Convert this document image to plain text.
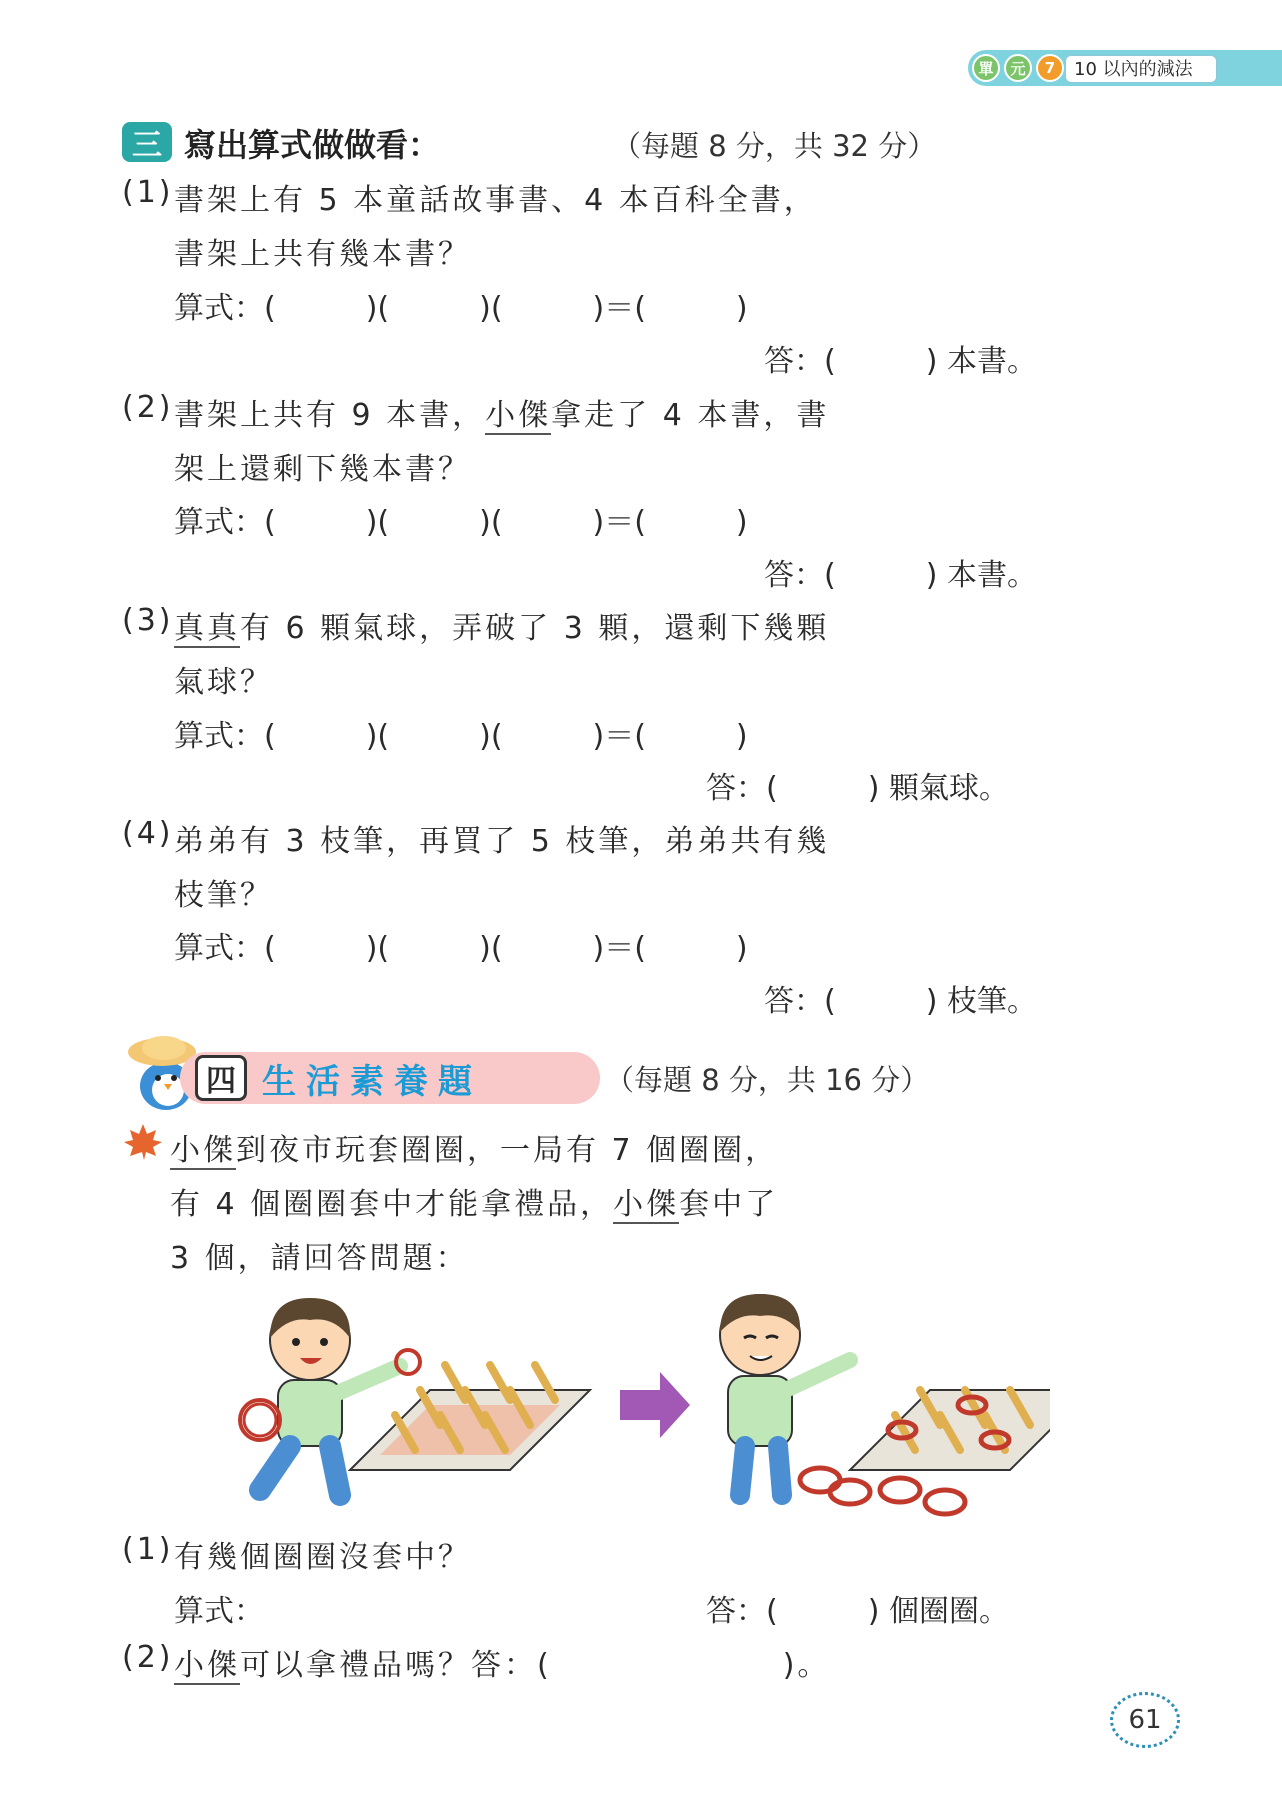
單	元	7	10 以內的減法
三 寫出算式做做看：	（每題 8 分，共 32 分）
(1) 書架上有 5 本童話故事書、4 本百科全書，
書架上共有幾本書？
算式：(　　　)(　　　)(　　　)＝(　　　)
答：(　　　) 本書。
(2) 書架上共有 9 本書，小傑拿走了 4 本書，書
架上還剩下幾本書？
算式：(　　　)(　　　)(　　　)＝(　　　)
答：(　　　) 本書。
(3) 真真有 6 顆氣球，弄破了 3 顆，還剩下幾顆
氣球？
算式：(　　　)(　　　)(　　　)＝(　　　)
答：(　　　) 顆氣球。
(4) 弟弟有 3 枝筆，再買了 5 枝筆，弟弟共有幾
枝筆？
算式：(　　　)(　　　)(　　　)＝(　　　)
答：(　　　) 枝筆。
四 生活素養題	（每題 8 分，共 16 分）
小傑到夜市玩套圈圈，一局有 7 個圈圈，
有 4 個圈圈套中才能拿禮品，小傑套中了
3 個，請回答問題：
(1) 有幾個圈圈沒套中？
算式：	答：(　　　) 個圈圈。
(2) 小傑可以拿禮品嗎？答：(　　　　　　　)。
61
